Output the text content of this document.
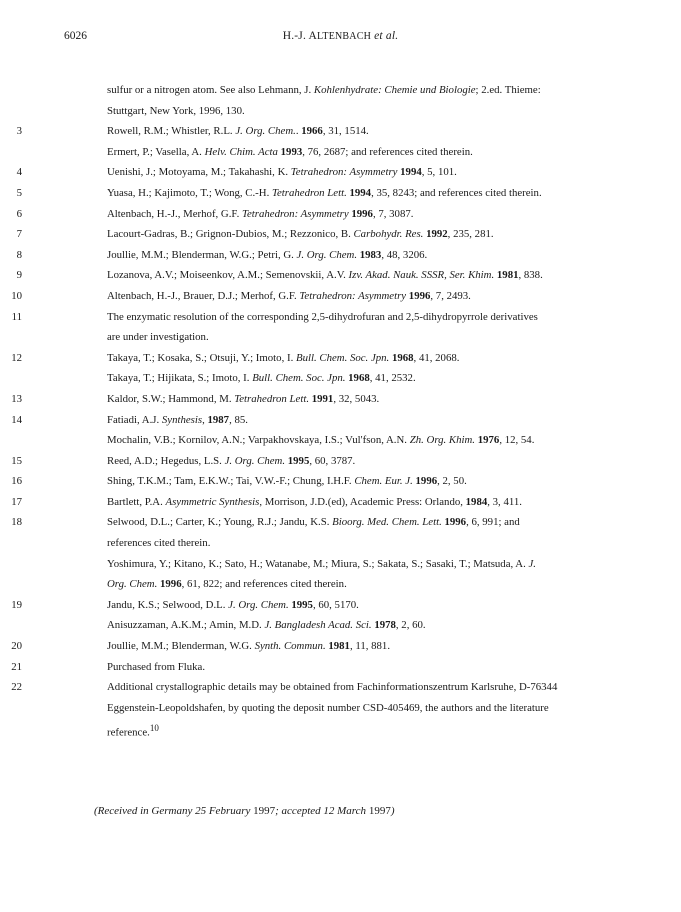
6026	H.-J. ALTENBACH et al.
sulfur or a nitrogen atom. See also Lehmann, J. Kohlenhydrate: Chemie und Biologie; 2.ed. Thieme:
Stuttgart, New York, 1996, 130.
3	Rowell, R.M.; Whistler, R.L. J. Org. Chem.. 1966, 31, 1514.
Ermert, P.; Vasella, A. Helv. Chim. Acta 1993, 76, 2687; and references cited therein.
4	Uenishi, J.; Motoyama, M.; Takahashi, K. Tetrahedron: Asymmetry 1994, 5, 101.
5	Yuasa, H.; Kajimoto, T.; Wong, C.-H. Tetrahedron Lett. 1994, 35, 8243; and references cited therein.
6	Altenbach, H.-J., Merhof, G.F. Tetrahedron: Asymmetry 1996, 7, 3087.
7	Lacourt-Gadras, B.; Grignon-Dubios, M.; Rezzonico, B. Carbohydr. Res. 1992, 235, 281.
8	Joullie, M.M.; Blenderman, W.G.; Petri, G. J. Org. Chem. 1983, 48, 3206.
9	Lozanova, A.V.; Moiseenkov, A.M.; Semenovskii, A.V. Izv. Akad. Nauk. SSSR, Ser. Khim. 1981, 838.
10	Altenbach, H.-J., Brauer, D.J.; Merhof, G.F. Tetrahedron: Asymmetry 1996, 7, 2493.
11	The enzymatic resolution of the corresponding 2,5-dihydrofuran and 2,5-dihydropyrrole derivatives
are under investigation.
12	Takaya, T.; Kosaka, S.; Otsuji, Y.; Imoto, I. Bull. Chem. Soc. Jpn. 1968, 41, 2068.
Takaya, T.; Hijikata, S.; Imoto, I. Bull. Chem. Soc. Jpn. 1968, 41, 2532.
13	Kaldor, S.W.; Hammond, M. Tetrahedron Lett. 1991, 32, 5043.
14	Fatiadi, A.J. Synthesis, 1987, 85.
Mochalin, V.B.; Kornilov, A.N.; Varpakhovskaya, I.S.; Vul'fson, A.N. Zh. Org. Khim. 1976, 12, 54.
15	Reed, A.D.; Hegedus, L.S. J. Org. Chem. 1995, 60, 3787.
16	Shing, T.K.M.; Tam, E.K.W.; Tai, V.W.-F.; Chung, I.H.F. Chem. Eur. J. 1996, 2, 50.
17	Bartlett, P.A. Asymmetric Synthesis, Morrison, J.D.(ed), Academic Press: Orlando, 1984, 3, 411.
18	Selwood, D.L.; Carter, K.; Young, R.J.; Jandu, K.S. Bioorg. Med. Chem. Lett. 1996, 6, 991; and
references cited therein.
Yoshimura, Y.; Kitano, K.; Sato, H.; Watanabe, M.; Miura, S.; Sakata, S.; Sasaki, T.; Matsuda, A. J.
Org. Chem. 1996, 61, 822; and references cited therein.
19	Jandu, K.S.; Selwood, D.L. J. Org. Chem. 1995, 60, 5170.
Anisuzzaman, A.K.M.; Amin, M.D. J. Bangladesh Acad. Sci. 1978, 2, 60.
20	Joullie, M.M.; Blenderman, W.G. Synth. Commun. 1981, 11, 881.
21	Purchased from Fluka.
22	Additional crystallographic details may be obtained from Fachinformationszentrum Karlsruhe, D-76344
Eggenstein-Leopoldshafen, by quoting the deposit number CSD-405469, the authors and the literature
reference.$^{10}$
(Received in Germany 25 February 1997; accepted 12 March 1997)
